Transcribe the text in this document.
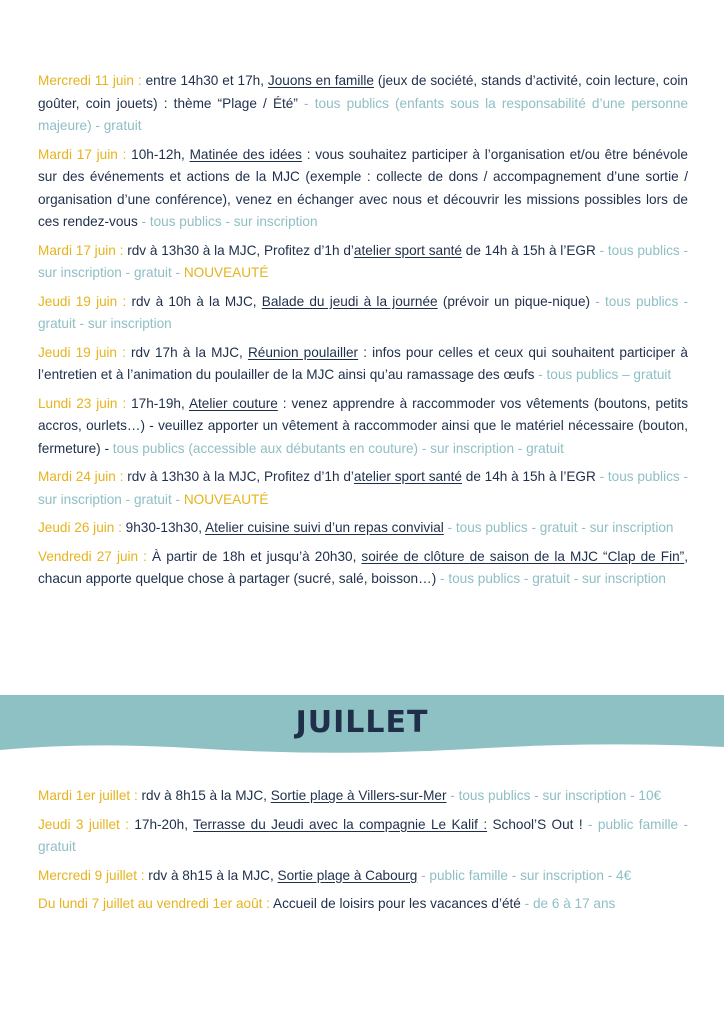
Mercredi 11 juin : entre 14h30 et 17h, Jouons en famille (jeux de société, stands d’activité, coin lecture, coin goûter, coin jouets) : thème “Plage / Été” - tous publics (enfants sous la responsabilité d’une personne majeure) - gratuit

Mardi 17 juin : 10h-12h, Matinée des idées : vous souhaitez participer à l’organisation et/ou être bénévole sur des événements et actions de la MJC (exemple : collecte de dons / accompagnement d’une sortie / organisation d’une conférence), venez en échanger avec nous et découvrir les missions possibles lors de ces rendez-vous - tous publics - sur inscription

Mardi 17 juin : rdv à 13h30 à la MJC, Profitez d’1h d’atelier sport santé de 14h à 15h à l’EGR - tous publics - sur inscription - gratuit - NOUVEAUTÉ

Jeudi 19 juin : rdv à 10h à la MJC, Balade du jeudi à la journée (prévoir un pique-nique) - tous publics - gratuit - sur inscription

Jeudi 19 juin : rdv 17h à la MJC, Réunion poulailler : infos pour celles et ceux qui souhaitent participer à l’entretien et à l’animation du poulailler de la MJC ainsi qu’au ramassage des œufs - tous publics – gratuit

Lundi 23 juin : 17h-19h, Atelier couture : venez apprendre à raccommoder vos vêtements (boutons, petits accros, ourlets…) - veuillez apporter un vêtement à raccommoder ainsi que le matériel nécessaire (bouton, fermeture) - tous publics (accessible aux débutants en couture) - sur inscription - gratuit

Mardi 24 juin : rdv à 13h30 à la MJC, Profitez d’1h d’atelier sport santé de 14h à 15h à l’EGR - tous publics - sur inscription - gratuit - NOUVEAUTÉ

Jeudi 26 juin : 9h30-13h30, Atelier cuisine suivi d’un repas convivial - tous publics - gratuit - sur inscription

Vendredi 27 juin : À partir de 18h et jusqu’à 20h30, soirée de clôture de saison de la MJC “Clap de Fin”, chacun apporte quelque chose à partager (sucré, salé, boisson…) - tous publics - gratuit - sur inscription

JUILLET

Mardi 1er juillet : rdv à 8h15 à la MJC, Sortie plage à Villers-sur-Mer - tous publics - sur inscription - 10€

Jeudi 3 juillet : 17h-20h, Terrasse du Jeudi avec la compagnie Le Kalif : School’S Out ! - public famille - gratuit

Mercredi 9 juillet : rdv à 8h15 à la MJC, Sortie plage à Cabourg - public famille - sur inscription - 4€

Du lundi 7 juillet au vendredi 1er août : Accueil de loisirs pour les vacances d’été - de 6 à 17 ans
